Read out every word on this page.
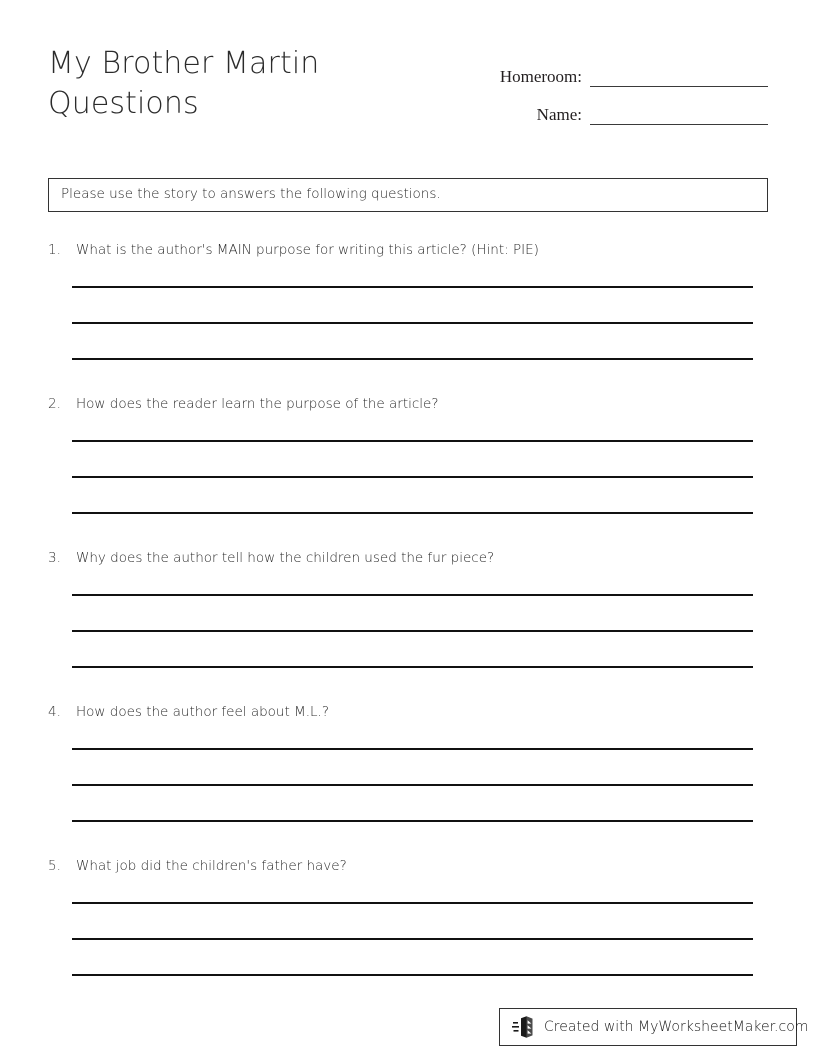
My Brother Martin
Questions
Homeroom:
Name:
Please use the story to answers the following questions.
1.	What is the author's MAIN purpose for writing this article? (Hint: PIE)
2.	How does the reader learn the purpose of the article?
3.	Why does the author tell how the children used the fur piece?
4.	How does the author feel about M.L.?
5.	What job did the children's father have?
Created with MyWorksheetMaker.com
